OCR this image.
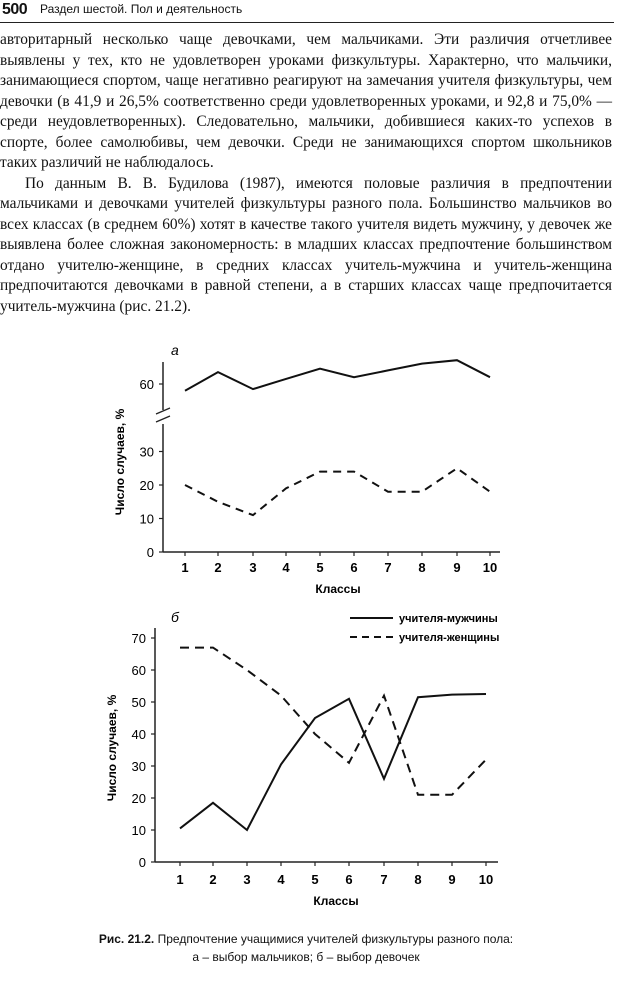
500 Раздел шестой. Пол и деятельность

авторитарный несколько чаще девочками, чем мальчиками. Эти различия отчетливее выявлены у тех, кто не удовлетворен уроками физкультуры. Характерно, что мальчики, занимающиеся спортом, чаще негативно реагируют на замечания учителя физкультуры, чем девочки (в 41,9 и 26,5% соответственно среди удовлетворенных уроками, и 92,8 и 75,0% — среди неудовлетворенных). Следовательно, мальчики, добившиеся каких-то успехов в спорте, более самолюбивы, чем девочки. Среди не занимающихся спортом школьников таких различий не наблюдалось.

По данным В. В. Будилова (1987), имеются половые различия в предпочтении мальчиками и девочками учителей физкультуры разного пола. Большинство мальчиков во всех классах (в среднем 60%) хотят в качестве такого учителя видеть мужчину, у девочек же выявлена более сложная закономерность: в младших классах предпочтение большинством отдано учителю-женщине, в средних классах учитель-мужчина и учитель-женщина предпочитаются девочками в равной степени, а в старших классах чаще предпочитается учитель-мужчина (рис. 21.2).

а
0
10
20
30
60
1 2 3 4 5 6 7 8 9 10
Классы
Число случаев, %
б
0
10
20
30
40
50
60
70
1 2 3 4 5 6 7 8 9 10
Классы
Число случаев, %
учителя-мужчины
учителя-женщины
Рис. 21.2. Предпочтение учащимися учителей физкультуры разного пола:
а – выбор мальчиков; б – выбор девочек
